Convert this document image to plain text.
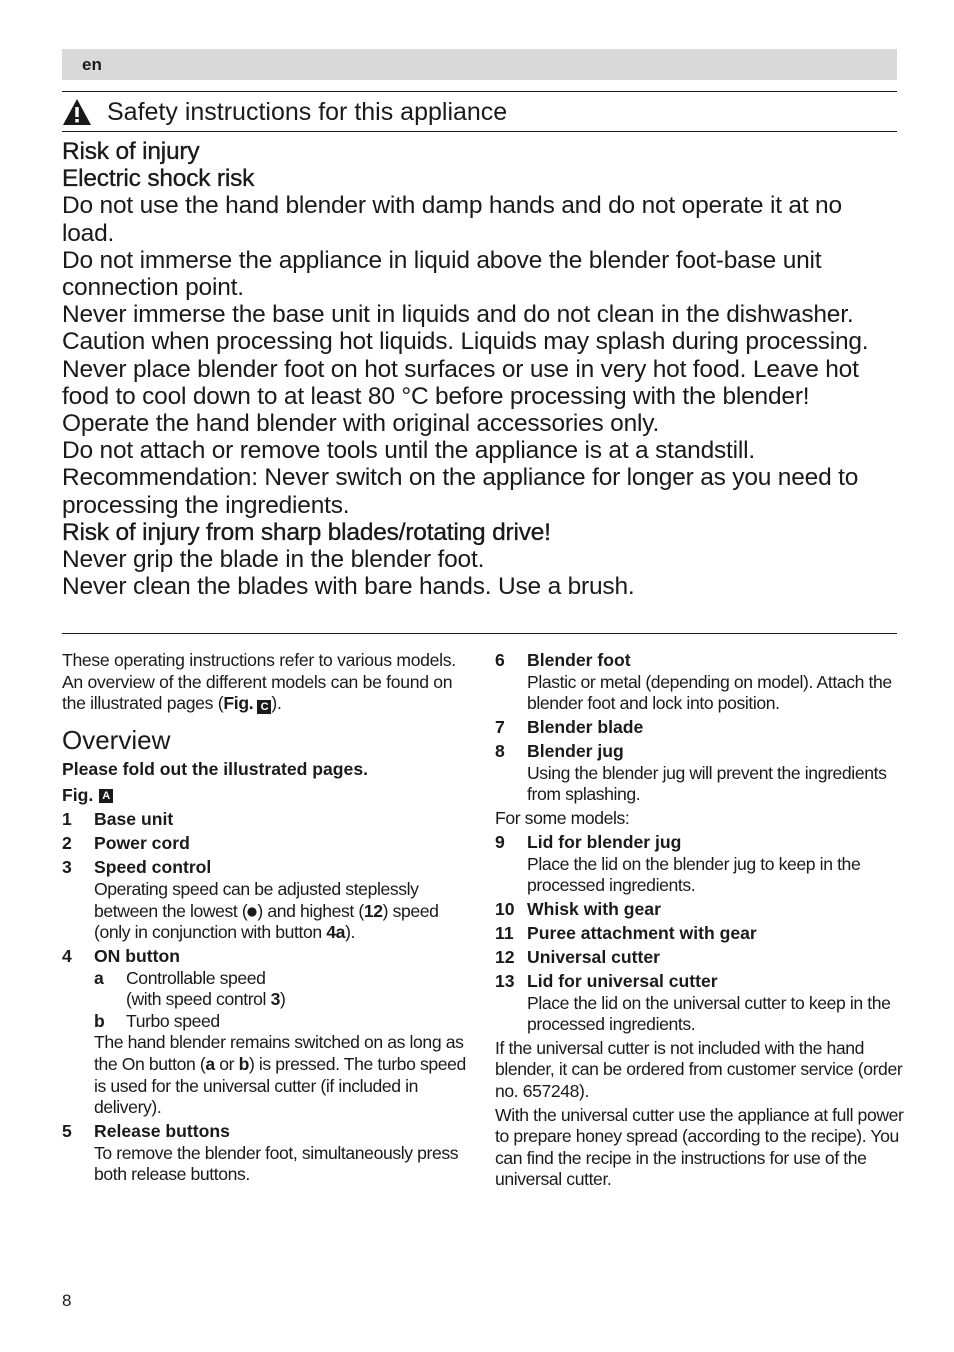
en
Safety instructions for this appliance

Risk of injury

Electric shock risk

Do not use the hand blender with damp hands and do not operate it at no load.

Do not immerse the appliance in liquid above the blender foot-base unit connection point.

Never immerse the base unit in liquids and do not clean in the dishwasher.

Caution when processing hot liquids. Liquids may splash during processing.

Never place blender foot on hot surfaces or use in very hot food. Leave hot food to cool down to at least 80 °C before processing with the blender!

Operate the hand blender with original accessories only.

Do not attach or remove tools until the appliance is at a standstill.

Recommendation: Never switch on the appliance for longer as you need to processing the ingredients.

Risk of injury from sharp blades/rotating drive!

Never grip the blade in the blender foot.

Never clean the blades with bare hands. Use a brush.

These operating instructions refer to various models. An overview of the different models can be found on the illustrated pages (Fig. C ).

Overview

Please fold out the illustrated pages.

Fig. A
1	Base unit
2	Power cord
3	Speed control
Operating speed can be adjusted steplessly between the lowest ( ) and highest (12) speed (only in conjunction with button 4a).
4	ON button
a	Controllable speed
(with speed control 3)
b	Turbo speed
The hand blender remains switched on as long as the On button (a or b) is pressed. The turbo speed is used for the universal cutter (if included in delivery).
5	Release buttons
To remove the blender foot, simultaneously press both release buttons.
6	Blender foot
Plastic or metal (depending on model). Attach the blender foot and lock into position.
7	Blender blade
8	Blender jug
Using the blender jug will prevent the ingredients from splashing.

For some models:

9	Lid for blender jug
Place the lid on the blender jug to keep in the processed ingredients.
10 Whisk with gear
11 Puree attachment with gear
12 Universal cutter
13 Lid for universal cutter
Place the lid on the universal cutter to keep in the processed ingredients.

If the universal cutter is not included with the hand blender, it can be ordered from customer service (order no. 657248).

With the universal cutter use the appliance at full power to prepare honey spread (according to the recipe). You can find the recipe in the instructions for use of the universal cutter.

8
